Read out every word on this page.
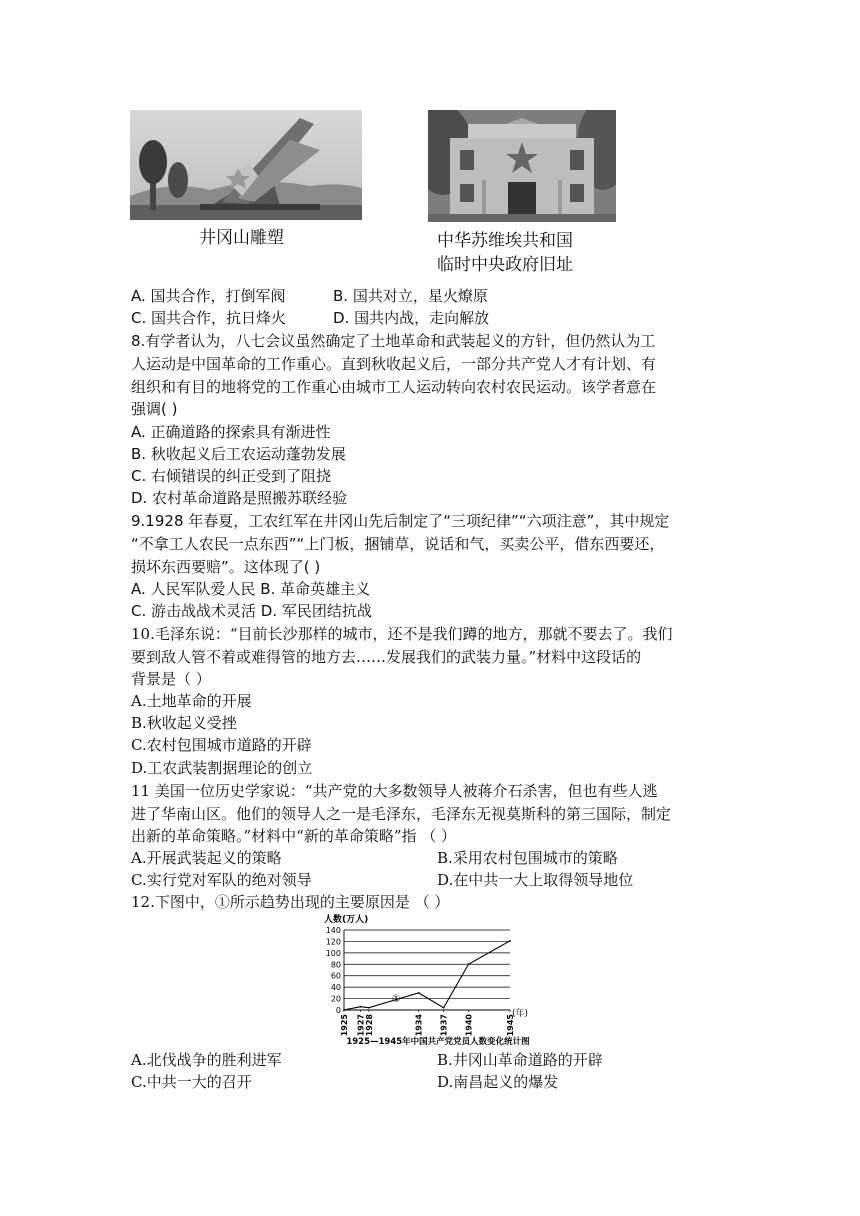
井冈山雕塑	中华苏维埃共和国
临时中央政府旧址
A. 国共合作，打倒军阀	B. 国共对立，星火燎原
C. 国共合作，抗日烽火	D. 国共内战，走向解放
8.有学者认为，八七会议虽然确定了土地革命和武装起义的方针，但仍然认为工
人运动是中国革命的工作重心。直到秋收起义后，一部分共产党人才有计划、有
组织和有目的地将党的工作重心由城市工人运动转向农村农民运动。该学者意在
强调( )
A. 正确道路的探索具有渐进性
B. 秋收起义后工农运动蓬勃发展
C. 右倾错误的纠正受到了阻挠
D. 农村革命道路是照搬苏联经验
9.1928 年春夏，工农红军在井冈山先后制定了“三项纪律”“六项注意”，其中规定
“不拿工人农民一点东西”“上门板，捆铺草，说话和气，买卖公平，借东西要还，
损坏东西要赔”。这体现了( )
A. 人民军队爱人民 B. 革命英雄主义
C. 游击战战术灵活 D. 军民团结抗战
10.毛泽东说：“目前长沙那样的城市，还不是我们蹲的地方，那就不要去了。我们
要到敌人管不着或难得管的地方去……发展我们的武装力量。”材料中这段话的
背景是（ ）
A.土地革命的开展
B.秋收起义受挫
C.农村包围城市道路的开辟
D.工农武装割据理论的创立
11 美国一位历史学家说：“共产党的大多数领导人被蒋介石杀害，但也有些人逃
进了华南山区。他们的领导人之一是毛泽东，毛泽东无视莫斯科的第三国际，制定
出新的革命策略。”材料中“新的革命策略”指 （ ）
A.开展武装起义的策略	B.采用农村包围城市的策略
C.实行党对军队的绝对领导	D.在中共一大上取得领导地位
12.下图中，①所示趋势出现的主要原因是 （ ）
人数(万人)
0
20
40
60
80
100
120
140
1925 1927 1928	1934 1937 1940	1945
①
(年)
1925—1945年中国共产党党员人数变化统计图
A.北伐战争的胜利进军	B.井冈山革命道路的开辟
C.中共一大的召开	D.南昌起义的爆发
